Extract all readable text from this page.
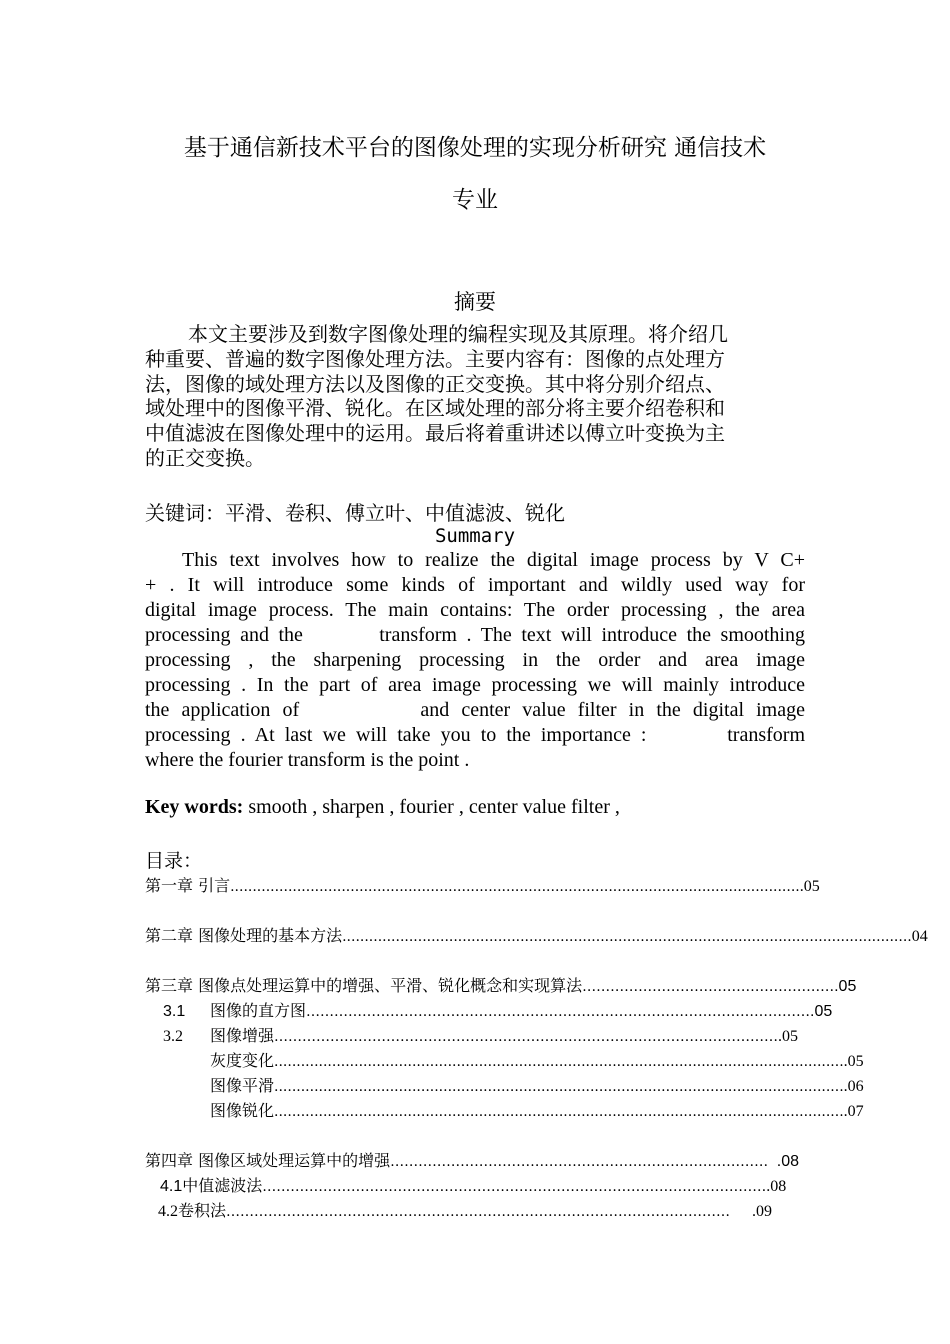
基于通信新技术平台的图像处理的实现分析研究 通信技术
专业
摘要
本文主要涉及到数字图像处理的编程实现及其原理。将介绍几
种重要、普遍的数字图像处理方法。主要内容有：图像的点处理方
法，图像的域处理方法以及图像的正交变换。其中将分别介绍点、
域处理中的图像平滑、锐化。在区域处理的部分将主要介绍卷积和
中值滤波在图像处理中的运用。最后将着重讲述以傅立叶变换为主
的正交变换。
关键词：平滑、卷积、傅立叶、中值滤波、锐化
Summary
This text involves how to realize the digital image process by V C+
+ . It will introduce some kinds of important and wildly used way for
digital image process. The main contains: The order processing , the area
processing and the        transform . The text will introduce the smoothing
processing , the sharpening processing in the order and area image
processing . In the part of area image processing we will mainly introduce
the application of          and center value filter in the digital image
processing . At last we will take you to the importance :        transform
where the fourier transform is the point .
Key words: smooth , sharpen , fourier , center value filter ,
目录：
第一章 引言 ................................................................................................................................ .05
第二章 图像处理的基本方法 ................................................................................................................................ 04
第三章 图像点处理运算中的增强、平滑、锐化概念和实现算法 ……………………………………………… .05
3.1	图像的直方图 ……………………………………………………………………………………………… .05
3.2	图像增强 ……………………………………………………………………………………………… .05
灰度变化 ................................................................................................................................ .05
图像平滑 ................................................................................................................................ .06
图像锐化 ................................................................................................................................ .07
第四章 图像区域处理运算中的增强 ……………………………………………………………………… .08
4.1 中值滤波法 ……………………………………………………………………………………………… .08
4.2 卷积法 ………………………………………………………………………………………………	.09
